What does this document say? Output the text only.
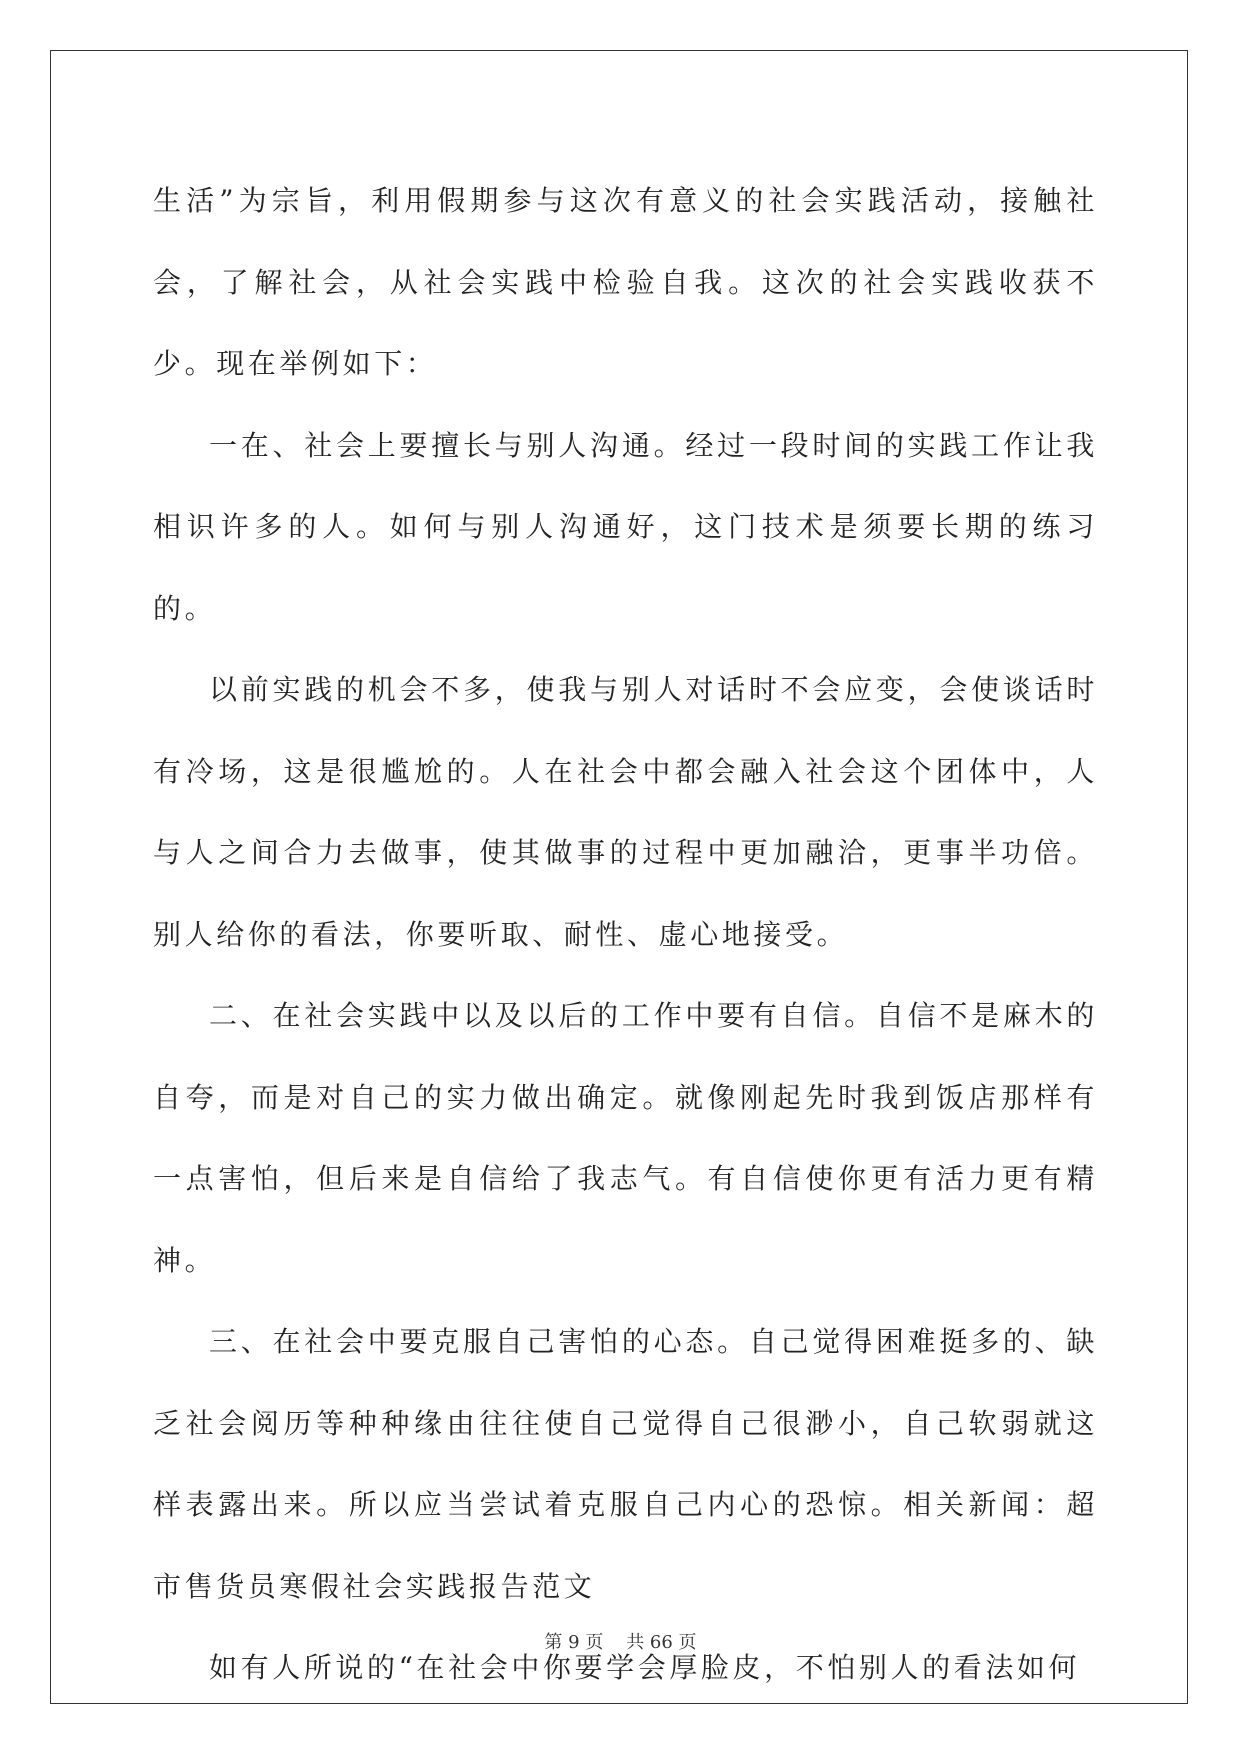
生活”为宗旨，利用假期参与这次有意义的社会实践活动，接触社会，了解社会，从社会实践中检验自我。这次的社会实践收获不少。现在举例如下：

一在、社会上要擅长与别人沟通。经过一段时间的实践工作让我相识许多的人。如何与别人沟通好，这门技术是须要长期的练习的。

以前实践的机会不多，使我与别人对话时不会应变，会使谈话时有冷场，这是很尴尬的。人在社会中都会融入社会这个团体中，人与人之间合力去做事，使其做事的过程中更加融洽，更事半功倍。别人给你的看法，你要听取、耐性、虚心地接受。

二、在社会实践中以及以后的工作中要有自信。自信不是麻木的自夸，而是对自己的实力做出确定。就像刚起先时我到饭店那样有一点害怕，但后来是自信给了我志气。有自信使你更有活力更有精神。

三、在社会中要克服自己害怕的心态。自己觉得困难挺多的、缺乏社会阅历等种种缘由往往使自己觉得自己很渺小，自己软弱就这样表露出来。所以应当尝试着克服自己内心的恐惊。相关新闻：超市售货员寒假社会实践报告范文

如有人所说的“在社会中你要学会厚脸皮，不怕别人的看法如何

第 9 页    共 66 页
